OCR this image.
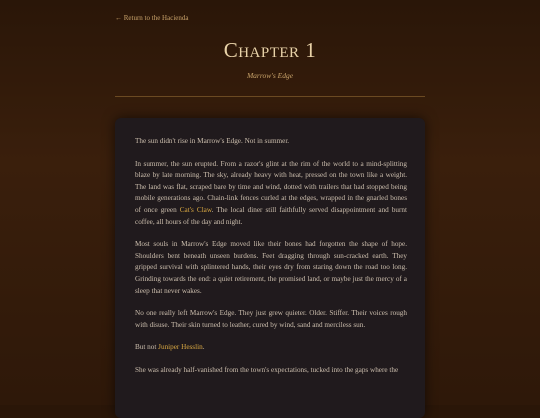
← Return to the Hacienda
Chapter 1
Marrow's Edge

The sun didn't rise in Marrow's Edge. Not in summer.

In summer, the sun erupted. From a razor's glint at the rim of the world to a mind-splitting blaze by late morning. The sky, already heavy with heat, pressed on the town like a weight. The land was flat, scraped bare by time and wind, dotted with trailers that had stopped being mobile generations ago. Chain-link fences curled at the edges, wrapped in the gnarled bones of once green Cat's Claw. The local diner still faithfully served disappointment and burnt coffee, all hours of the day and night.

Most souls in Marrow's Edge moved like their bones had forgotten the shape of hope. Shoulders bent beneath unseen burdens. Feet dragging through sun-cracked earth. They gripped survival with splintered hands, their eyes dry from staring down the road too long. Grinding towards the end: a quiet retirement, the promised land, or maybe just the mercy of a sleep that never wakes.

No one really left Marrow's Edge. They just grew quieter. Older. Stiffer. Their voices rough with disuse. Their skin turned to leather, cured by wind, sand and merciless sun.

But not Juniper Hesslin.

She was already half-vanished from the town's expectations, tucked into the gaps where the
